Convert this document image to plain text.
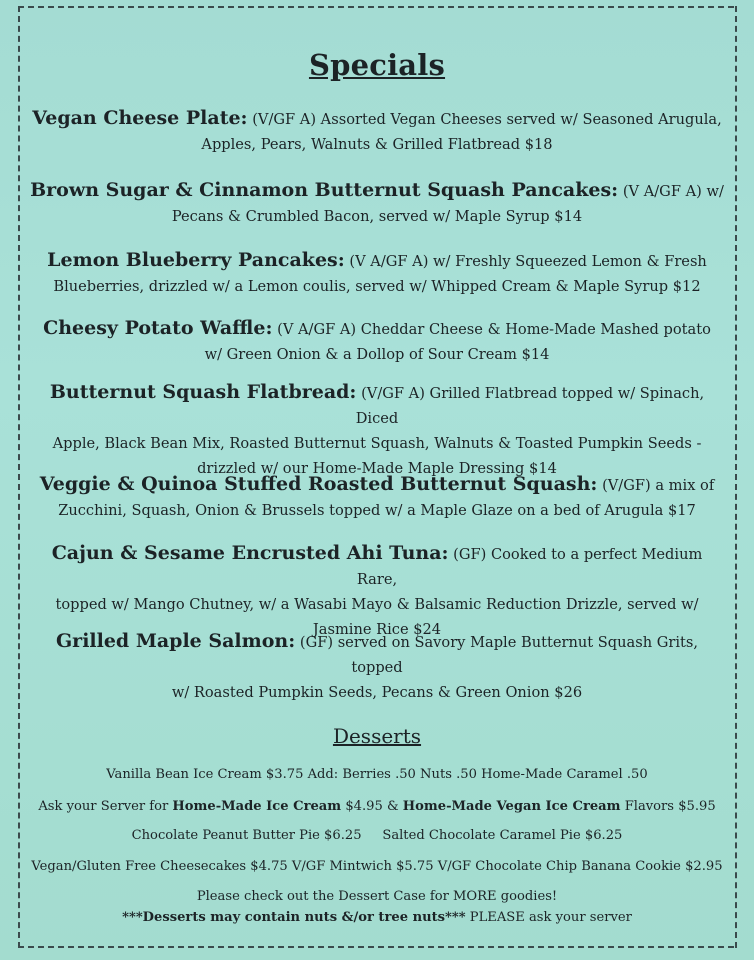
Specials
Vegan Cheese Plate: (V/GF A) Assorted Vegan Cheeses served w/ Seasoned Arugula,
Apples, Pears, Walnuts & Grilled Flatbread $18
Brown Sugar & Cinnamon Butternut Squash Pancakes: (V A/GF A) w/
Pecans & Crumbled Bacon, served w/ Maple Syrup $14
Lemon Blueberry Pancakes: (V A/GF A) w/ Freshly Squeezed Lemon & Fresh
Blueberries, drizzled w/ a Lemon coulis, served w/ Whipped Cream & Maple Syrup $12
Cheesy Potato Waffle: (V A/GF A) Cheddar Cheese & Home-Made Mashed potato
w/ Green Onion & a Dollop of Sour Cream $14
Butternut Squash Flatbread: (V/GF A) Grilled Flatbread topped w/ Spinach, Diced
Apple, Black Bean Mix, Roasted Butternut Squash, Walnuts & Toasted Pumpkin Seeds -
drizzled w/ our Home-Made Maple Dressing $14
Veggie & Quinoa Stuffed Roasted Butternut Squash: (V/GF) a mix of
Zucchini, Squash, Onion & Brussels topped w/ a Maple Glaze on a bed of Arugula $17
Cajun & Sesame Encrusted Ahi Tuna: (GF) Cooked to a perfect Medium Rare,
topped w/ Mango Chutney, w/ a Wasabi Mayo & Balsamic Reduction Drizzle, served w/
Jasmine Rice $24
Grilled Maple Salmon: (GF) served on Savory Maple Butternut Squash Grits, topped
w/ Roasted Pumpkin Seeds, Pecans & Green Onion $26
Desserts
Vanilla Bean Ice Cream $3.75 Add: Berries .50 Nuts .50 Home-Made Caramel .50
Ask your Server for Home-Made Ice Cream $4.95 & Home-Made Vegan Ice Cream Flavors $5.95
Chocolate Peanut Butter Pie $6.25     Salted Chocolate Caramel Pie $6.25
Vegan/Gluten Free Cheesecakes $4.75 V/GF Mintwich $5.75 V/GF Chocolate Chip Banana Cookie $2.95
Please check out the Dessert Case for MORE goodies!
***Desserts may contain nuts &/or tree nuts*** PLEASE ask your server
